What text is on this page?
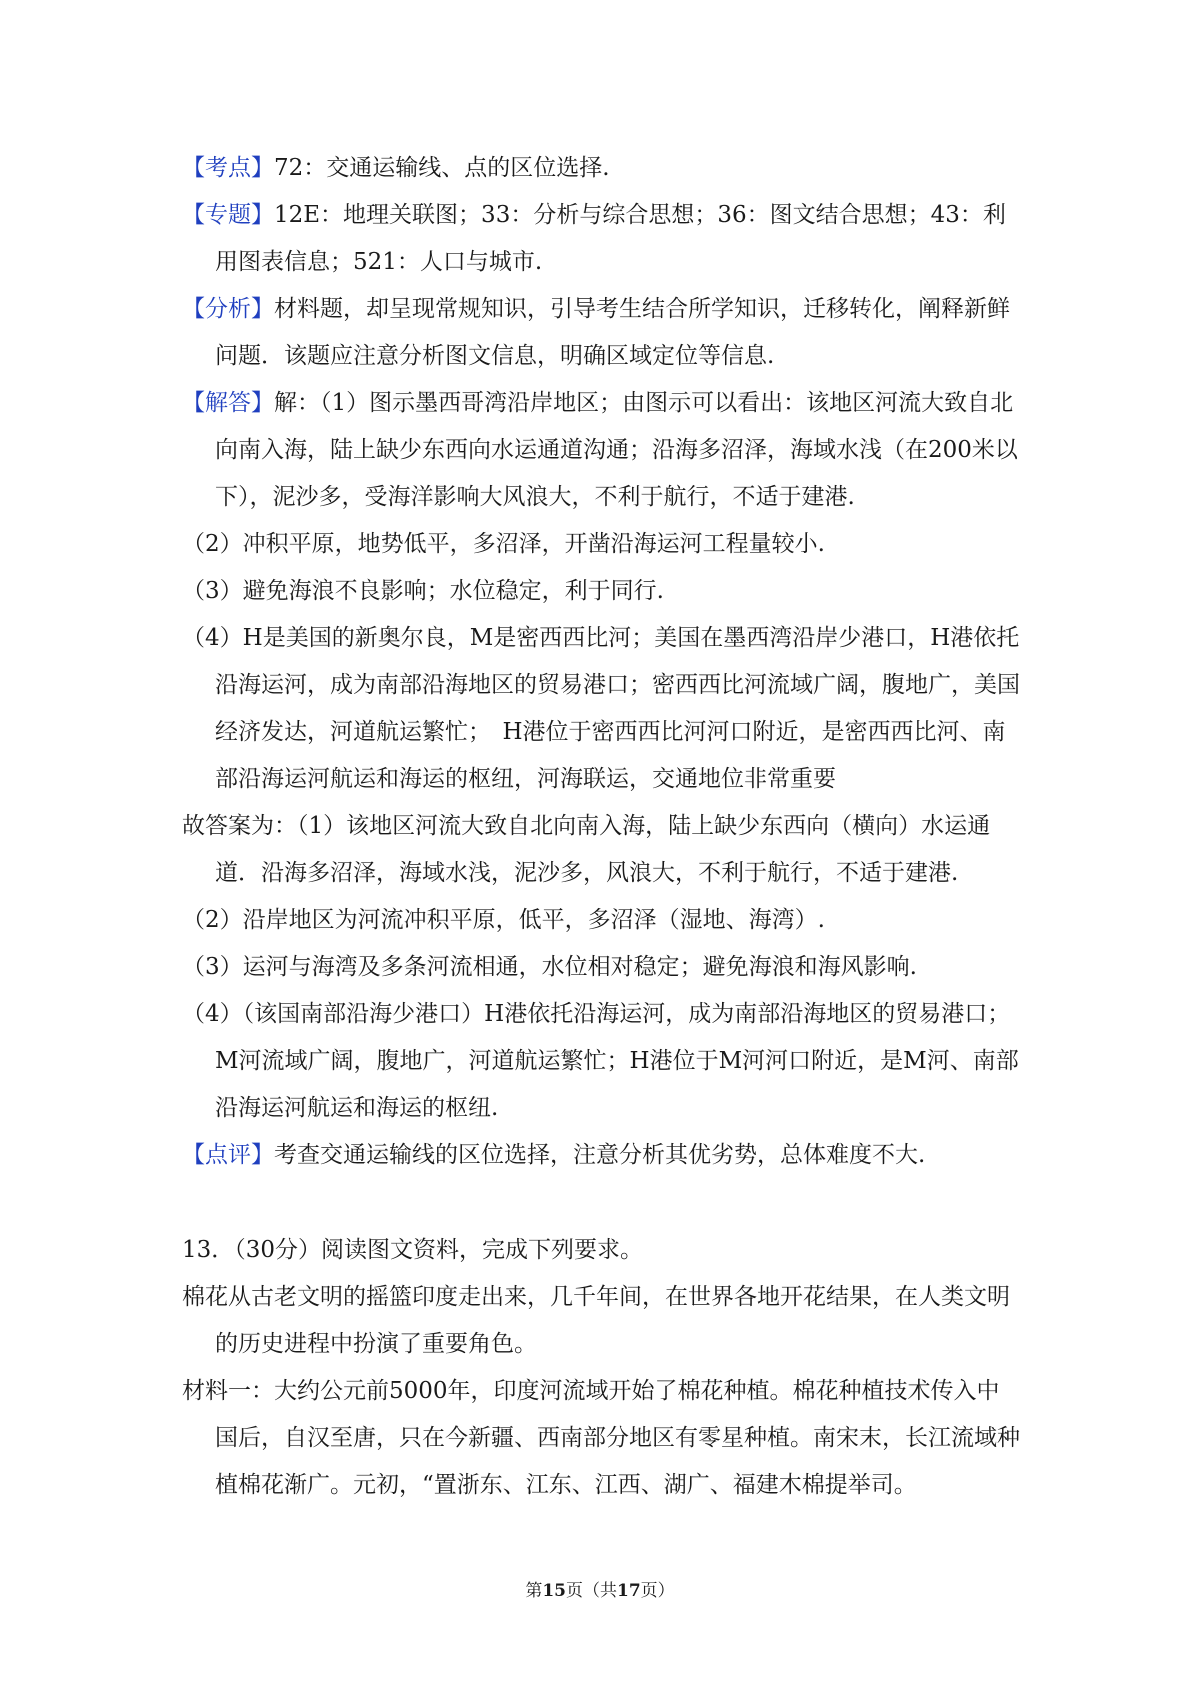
【考点】72：交通运输线、点的区位选择.

【专题】12E：地理关联图；33：分析与综合思想；36：图文结合思想；43：利用图表信息；521：人口与城市.

【分析】材料题，却呈现常规知识，引导考生结合所学知识，迁移转化，阐释新鲜问题．该题应注意分析图文信息，明确区域定位等信息.

【解答】解：（1）图示墨西哥湾沿岸地区；由图示可以看出：该地区河流大致自北向南入海，陆上缺少东西向水运通道沟通；沿海多沼泽，海域水浅（在200米以下），泥沙多，受海洋影响大风浪大，不利于航行，不适于建港.

（2）冲积平原，地势低平，多沼泽，开凿沿海运河工程量较小.

（3）避免海浪不良影响；水位稳定，利于同行.

（4）H是美国的新奥尔良，M是密西西比河；美国在墨西湾沿岸少港口，H港依托沿海运河，成为南部沿海地区的贸易港口；密西西比河流域广阔，腹地广，美国经济发达，河道航运繁忙；　H港位于密西西比河河口附近，是密西西比河、南部沿海运河航运和海运的枢纽，河海联运，交通地位非常重要

故答案为：（1）该地区河流大致自北向南入海，陆上缺少东西向（横向）水运通道．沿海多沼泽，海域水浅，泥沙多，风浪大，不利于航行，不适于建港.

（2）沿岸地区为河流冲积平原，低平，多沼泽（湿地、海湾）.

（3）运河与海湾及多条河流相通，水位相对稳定；避免海浪和海风影响.

（4）（该国南部沿海少港口）H港依托沿海运河，成为南部沿海地区的贸易港口；M河流域广阔，腹地广，河道航运繁忙；H港位于M河河口附近，是M河、南部沿海运河航运和海运的枢纽.

【点评】考查交通运输线的区位选择，注意分析其优劣势，总体难度不大.

13．（30分）阅读图文资料，完成下列要求。

棉花从古老文明的摇篮印度走出来，几千年间，在世界各地开花结果，在人类文明的历史进程中扮演了重要角色。

材料一：大约公元前5000年，印度河流域开始了棉花种植。棉花种植技术传入中国后，自汉至唐，只在今新疆、西南部分地区有零星种植。南宋末，长江流域种植棉花渐广。元初，“置浙东、江东、江西、湖广、福建木棉提举司。

第15页（共17页）
